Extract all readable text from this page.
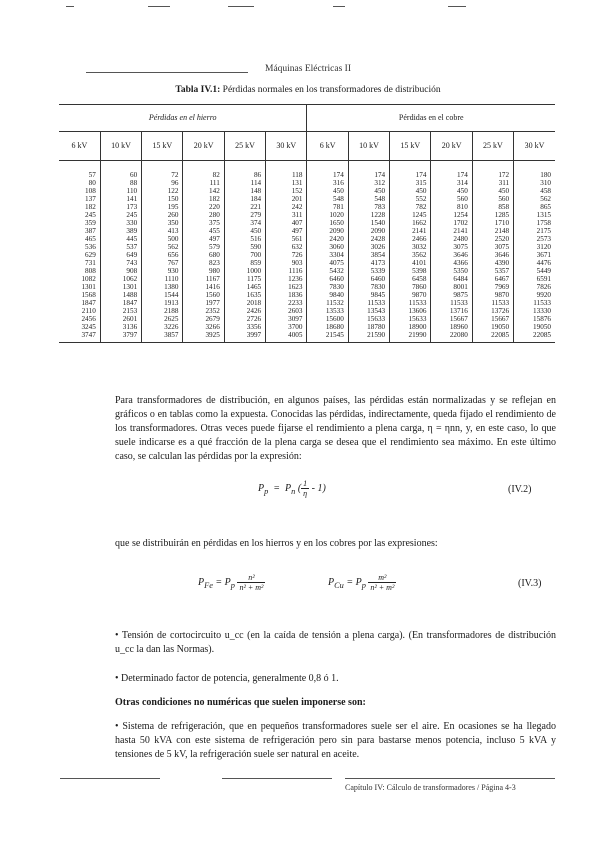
Máquinas Eléctricas II
Tabla IV.1: Pérdidas normales en los transformadores de distribución
Pérdidas en el hierro						Pérdidas en el cobre					
6 kV	10 kV	15 kV	20 kV	25 kV	30 kV	6 kV	10 kV	15 kV	20 kV	25 kV	30 kV
57	60	72	82	86	118	174	174	174	174	172	180
80	88	96	111	114	131	316	312	315	314	311	310
108	110	122	142	148	152	450	450	450	450	450	458
137	141	150	182	184	201	548	548	552	560	560	562
182	173	195	220	221	242	781	783	782	810	858	865
245	245	260	280	279	311	1020	1228	1245	1254	1285	1315
359	330	350	375	374	407	1650	1540	1662	1702	1710	1758
387	389	413	455	450	497	2090	2090	2141	2141	2148	2175
465	445	500	497	516	561	2420	2428	2466	2480	2520	2573
536	537	562	579	590	632	3060	3026	3032	3075	3075	3120
629	649	656	680	700	726	3304	3854	3562	3646	3646	3671
731	743	767	823	859	903	4075	4173	4101	4366	4390	4476
808	908	930	980	1000	1116	5432	5339	5398	5350	5357	5449
1082	1062	1110	1167	1175	1236	6460	6460	6458	6484	6467	6591
1301	1301	1380	1416	1465	1623	7830	7830	7860	8001	7969	7826
1568	1488	1544	1560	1635	1836	9840	9845	9870	9875	9870	9920
1847	1847	1913	1977	2018	2233	11532	11533	11533	11533	11533	11533
2110	2153	2188	2352	2426	2603	13533	13543	13606	13716	13726	13330
2456	2601	2625	2679	2726	3097	15600	15633	15633	15667	15667	15876
3245	3136	3226	3266	3356	3700	18680	18780	18900	18960	19050	19050
3747	3797	3857	3925	3997	4005	21545	21590	21990	22080	22085	22085
Para transformadores de distribución, en algunos países, las pérdidas están normalizadas y se reflejan en gráficos o en tablas como la expuesta. Conocidas las pérdidas, indirectamente, queda fijado el rendimiento de los transformadores. Otras veces puede fijarse el rendimiento a plena carga, η = ηnn, y, en este caso, lo que suele indicarse es a qué fracción de la plena carga se desea que el rendimiento sea máximo. En este último caso, se calculan las pérdidas por la expresión:
$P_p = P_n$ ( $\frac{1}{\eta} - 1$)	(IV.2)
que se distribuirán en pérdidas en los hierros y en los cobres por las expresiones:
$P_{Fe} = P_p \frac{\text{n²}}{\text{n² + m²}}$	$P_{Cu} = P_p \frac{\text{m²}}{\text{n² + m²}}$	(IV.3)
• Tensión de cortocircuito u_cc (en la caída de tensión a plena carga). (En transformadores de distribución u_cc la dan las Normas).
• Determinado factor de potencia, generalmente 0,8 ó 1.
Otras condiciones no numéricas que suelen imponerse son:
• Sistema de refrigeración, que en pequeños transformadores suele ser el aire. En ocasiones se ha llegado hasta 50 kVA con este sistema de refrigeración pero sin para bastarse menos potencia, incluso 5 kVA y tensiones de 5 kV, la refrigeración suele ser natural en aceite.
Capítulo IV: Cálculo de transformadores / Página 4-3
